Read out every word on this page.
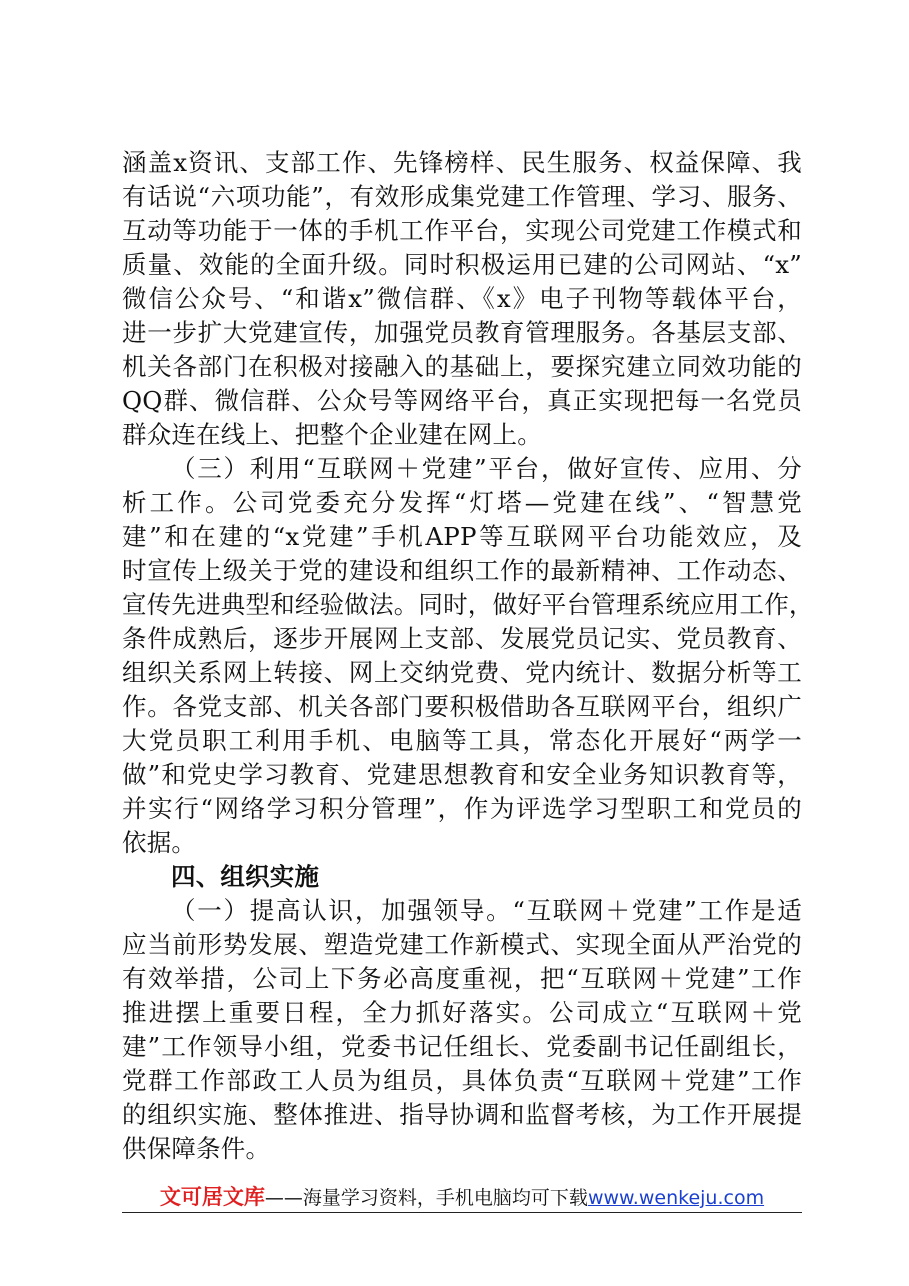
涵盖x资讯、支部工作、先锋榜样、民生服务、权益保障、我
有话说“六项功能”，有效形成集党建工作管理、学习、服务、
互动等功能于一体的手机工作平台，实现公司党建工作模式和
质量、效能的全面升级。同时积极运用已建的公司网站、“x”
微信公众号、“和谐x”微信群、《x》电子刊物等载体平台，
进一步扩大党建宣传，加强党员教育管理服务。各基层支部、
机关各部门在积极对接融入的基础上，要探究建立同效功能的
QQ群、微信群、公众号等网络平台，真正实现把每一名党员
群众连在线上、把整个企业建在网上。
（三）利用“互联网＋党建”平台，做好宣传、应用、分
析工作。公司党委充分发挥“灯塔—党建在线”、“智慧党
建”和在建的“x党建”手机APP等互联网平台功能效应，及
时宣传上级关于党的建设和组织工作的最新精神、工作动态、
宣传先进典型和经验做法。同时，做好平台管理系统应用工作，
条件成熟后，逐步开展网上支部、发展党员记实、党员教育、
组织关系网上转接、网上交纳党费、党内统计、数据分析等工
作。各党支部、机关各部门要积极借助各互联网平台，组织广
大党员职工利用手机、电脑等工具，常态化开展好“两学一
做”和党史学习教育、党建思想教育和安全业务知识教育等，
并实行“网络学习积分管理”，作为评选学习型职工和党员的
依据。
四、组织实施
（一）提高认识，加强领导。“互联网＋党建”工作是适
应当前形势发展、塑造党建工作新模式、实现全面从严治党的
有效举措，公司上下务必高度重视，把“互联网＋党建”工作
推进摆上重要日程，全力抓好落实。公司成立“互联网＋党
建”工作领导小组，党委书记任组长、党委副书记任副组长，
党群工作部政工人员为组员，具体负责“互联网＋党建”工作
的组织实施、整体推进、指导协调和监督考核，为工作开展提
供保障条件。
文可居文库——海量学习资料，手机电脑均可下载www.wenkeju.com
